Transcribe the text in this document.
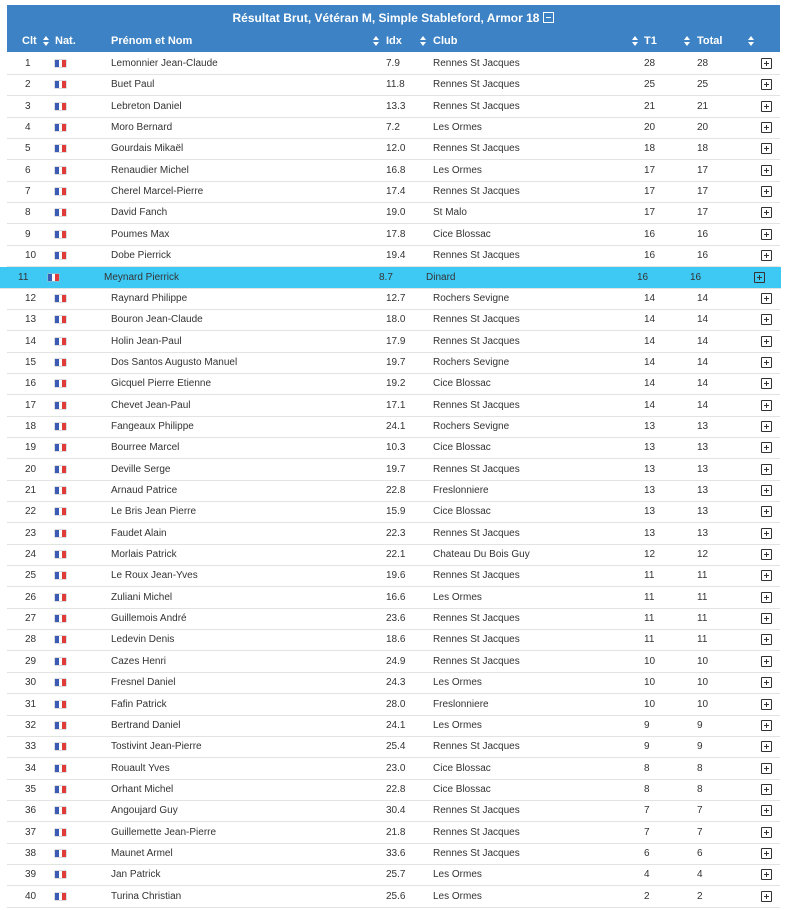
Résultat Brut, Vétéran M, Simple Stableford, Armor 18
Clt Nat.	Prénom et Nom	Idx	Club	T1	Total
1	Lemonnier Jean-Claude	7.9	Rennes St Jacques	28	28
2	Buet Paul	11.8	Rennes St Jacques	25	25
3	Lebreton Daniel	13.3	Rennes St Jacques	21	21
4	Moro Bernard	7.2	Les Ormes	20	20
5	Gourdais Mikaël	12.0	Rennes St Jacques	18	18
6	Renaudier Michel	16.8	Les Ormes	17	17
7	Cherel Marcel-Pierre	17.4	Rennes St Jacques	17	17
8	David Fanch	19.0	St Malo	17	17
9	Poumes Max	17.8	Cice Blossac	16	16
10	Dobe Pierrick	19.4	Rennes St Jacques	16	16
11	Meynard Pierrick	8.7	Dinard	16	16
12	Raynard Philippe	12.7	Rochers Sevigne	14	14
13	Bouron Jean-Claude	18.0	Rennes St Jacques	14	14
14	Holin Jean-Paul	17.9	Rennes St Jacques	14	14
15	Dos Santos Augusto Manuel	19.7	Rochers Sevigne	14	14
16	Gicquel Pierre Etienne	19.2	Cice Blossac	14	14
17	Chevet Jean-Paul	17.1	Rennes St Jacques	14	14
18	Fangeaux Philippe	24.1	Rochers Sevigne	13	13
19	Bourree Marcel	10.3	Cice Blossac	13	13
20	Deville Serge	19.7	Rennes St Jacques	13	13
21	Arnaud Patrice	22.8	Freslonniere	13	13
22	Le Bris Jean Pierre	15.9	Cice Blossac	13	13
23	Faudet Alain	22.3	Rennes St Jacques	13	13
24	Morlais Patrick	22.1	Chateau Du Bois Guy	12	12
25	Le Roux Jean-Yves	19.6	Rennes St Jacques	11	11
26	Zuliani Michel	16.6	Les Ormes	11	11
27	Guillemois André	23.6	Rennes St Jacques	11	11
28	Ledevin Denis	18.6	Rennes St Jacques	11	11
29	Cazes Henri	24.9	Rennes St Jacques	10	10
30	Fresnel Daniel	24.3	Les Ormes	10	10
31	Fafin Patrick	28.0	Freslonniere	10	10
32	Bertrand Daniel	24.1	Les Ormes	9	9
33	Tostivint Jean-Pierre	25.4	Rennes St Jacques	9	9
34	Rouault Yves	23.0	Cice Blossac	8	8
35	Orhant Michel	22.8	Cice Blossac	8	8
36	Angoujard Guy	30.4	Rennes St Jacques	7	7
37	Guillemette Jean-Pierre	21.8	Rennes St Jacques	7	7
38	Maunet Armel	33.6	Rennes St Jacques	6	6
39	Jan Patrick	25.7	Les Ormes	4	4
40	Turina Christian	25.6	Les Ormes	2	2
